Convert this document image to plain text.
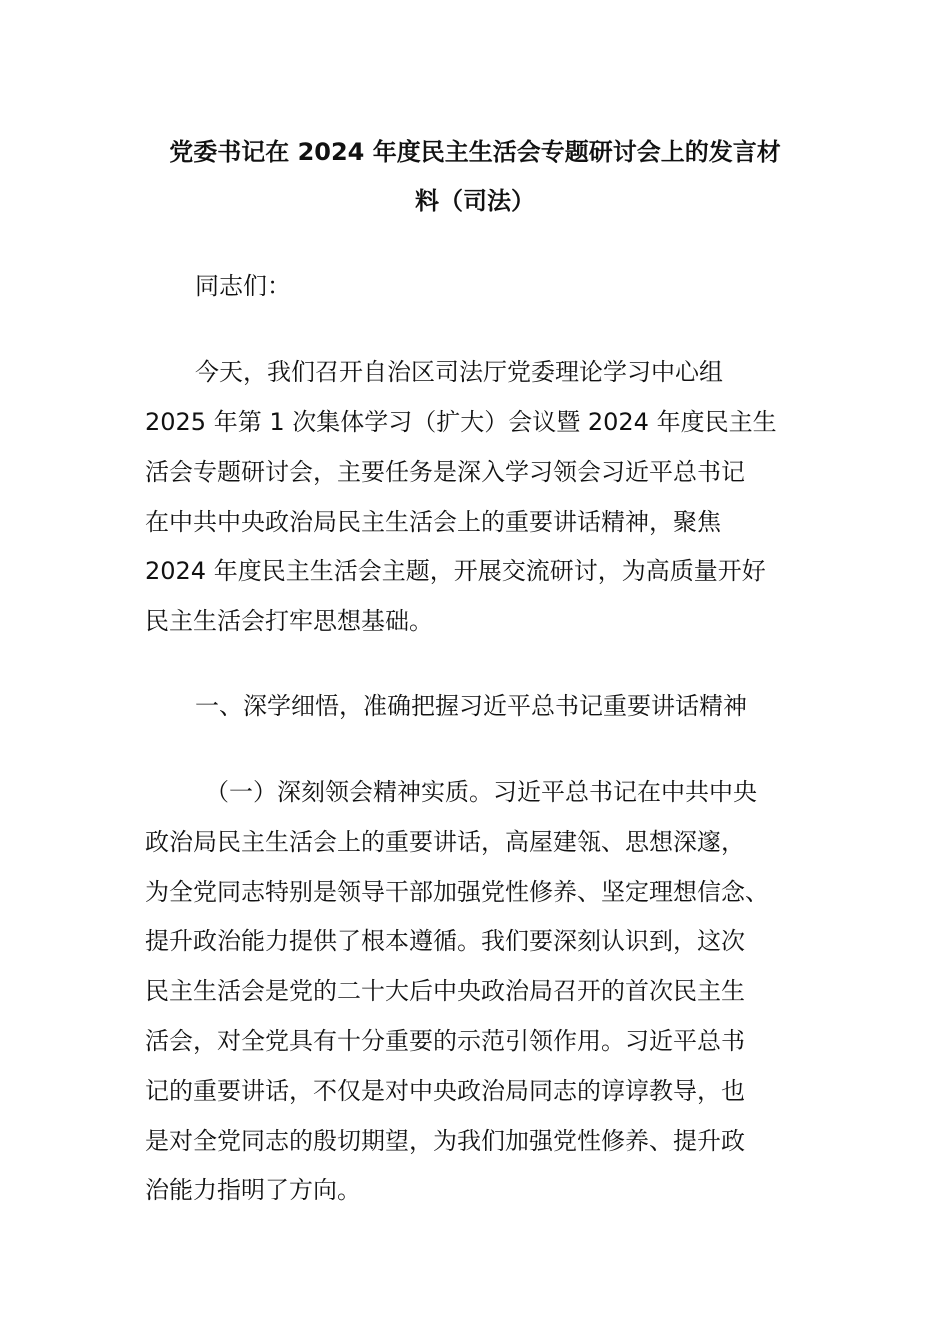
党委书记在 2024 年度民主生活会专题研讨会上的发言材
料（司法）
同志们：
今天，我们召开自治区司法厅党委理论学习中心组
2025 年第 1 次集体学习（扩大）会议暨 2024 年度民主生
活会专题研讨会，主要任务是深入学习领会习近平总书记
在中共中央政治局民主生活会上的重要讲话精神，聚焦
2024 年度民主生活会主题，开展交流研讨，为高质量开好
民主生活会打牢思想基础。
一、深学细悟，准确把握习近平总书记重要讲话精神
（一）深刻领会精神实质。习近平总书记在中共中央
政治局民主生活会上的重要讲话，高屋建瓴、思想深邃，
为全党同志特别是领导干部加强党性修养、坚定理想信念、
提升政治能力提供了根本遵循。我们要深刻认识到，这次
民主生活会是党的二十大后中央政治局召开的首次民主生
活会，对全党具有十分重要的示范引领作用。习近平总书
记的重要讲话，不仅是对中央政治局同志的谆谆教导，也
是对全党同志的殷切期望，为我们加强党性修养、提升政
治能力指明了方向。
